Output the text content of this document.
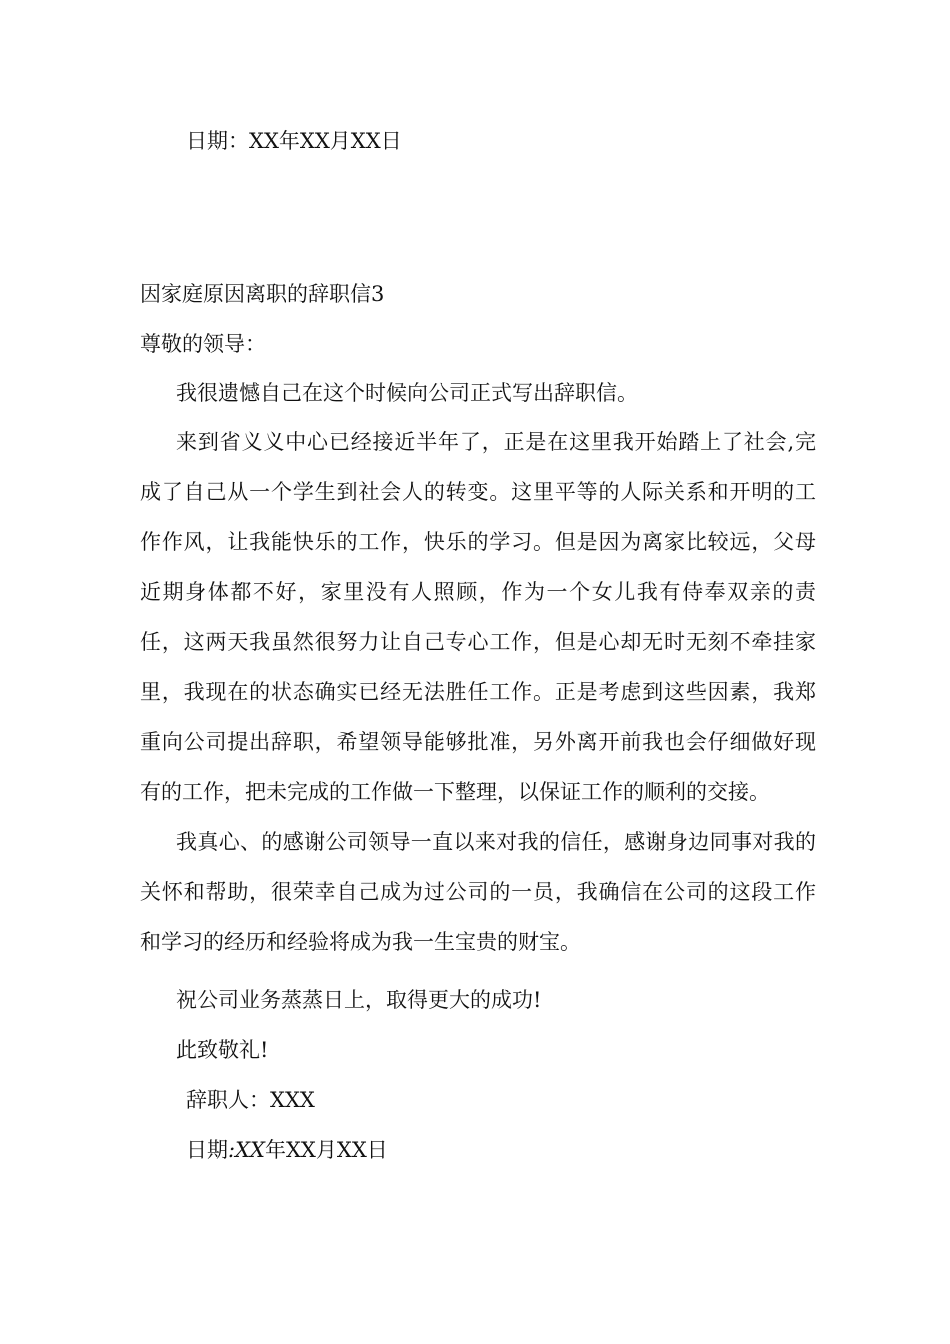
日期：XX年XX月XX日
因家庭原因离职的辞职信3
尊敬的领导：
我很遗憾自己在这个时候向公司正式写出辞职信。
来到省义义中心已经接近半年了，正是在这里我开始踏上了社会,完
成了自己从一个学生到社会人的转变。这里平等的人际关系和开明的工
作作风，让我能快乐的工作，快乐的学习。但是因为离家比较远，父母
近期身体都不好，家里没有人照顾，作为一个女儿我有侍奉双亲的责
任，这两天我虽然很努力让自己专心工作，但是心却无时无刻不牵挂家
里，我现在的状态确实已经无法胜任工作。正是考虑到这些因素，我郑
重向公司提出辞职，希望领导能够批准，另外离开前我也会仔细做好现
有的工作，把未完成的工作做一下整理，以保证工作的顺利的交接。
我真心、的感谢公司领导一直以来对我的信任，感谢身边同事对我的
关怀和帮助，很荣幸自己成为过公司的一员，我确信在公司的这段工作
和学习的经历和经验将成为我一生宝贵的财宝。
祝公司业务蒸蒸日上，取得更大的成功!
此致敬礼!
辞职人：XXX
日期:XX年XX月XX日
